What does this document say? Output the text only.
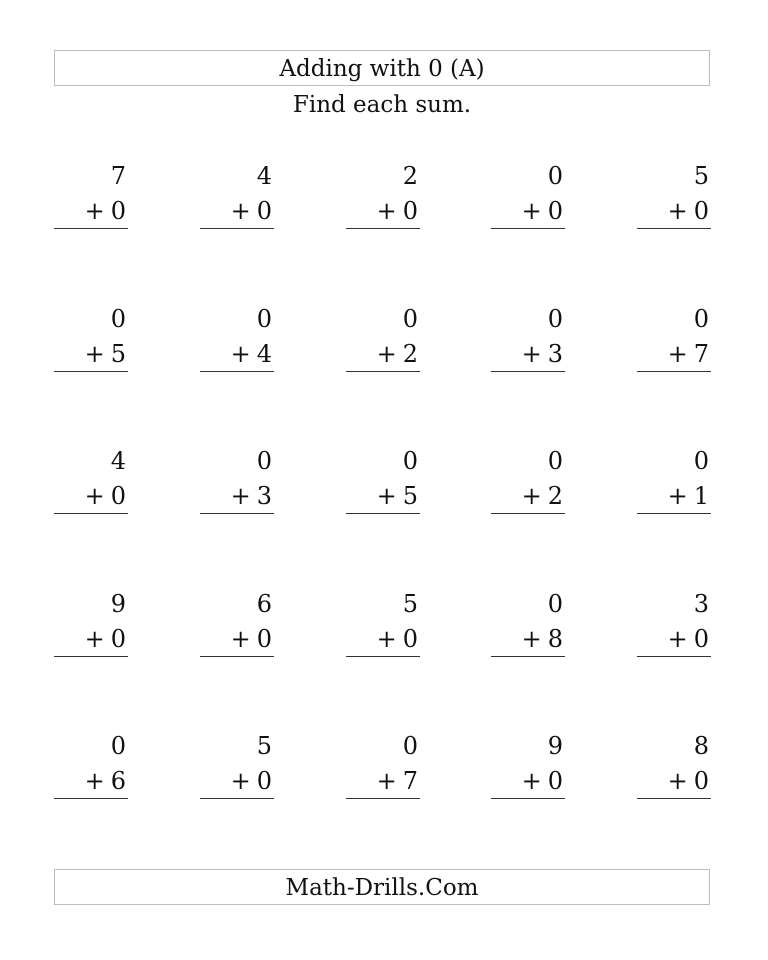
Adding with 0 (A)
Find each sum.
7
+ 0
4
+ 0
2
+ 0
0
+ 0
5
+ 0
0
+ 5
0
+ 4
0
+ 2
0
+ 3
0
+ 7
4
+ 0
0
+ 3
0
+ 5
0
+ 2
0
+ 1
9
+ 0
6
+ 0
5
+ 0
0
+ 8
3
+ 0
0
+ 6
5
+ 0
0
+ 7
9
+ 0
8
+ 0
Math-Drills.Com
